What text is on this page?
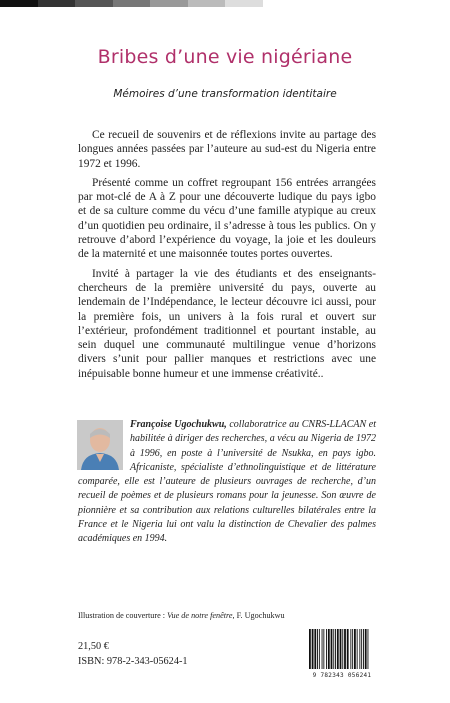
Bribes d’une vie nigériane
Mémoires d’une transformation identitaire

Ce recueil de souvenirs et de réflexions invite au partage des longues années passées par l’auteure au sud-est du Nigeria entre 1972 et 1996.

Présenté comme un coffret regroupant 156 entrées arrangées par mot-clé de A à Z pour une découverte ludique du pays igbo et de sa culture comme du vécu d’une famille atypique au creux d’un quotidien peu ordinaire, il s’adresse à tous les publics. On y retrouve d’abord l’expérience du voyage, la joie et les douleurs de la maternité et une maisonnée toutes portes ouvertes.

Invité à partager la vie des étudiants et des enseignants-chercheurs de la première université du pays, ouverte au lendemain de l’Indépendance, le lecteur découvre ici aussi, pour la première fois, un univers à la fois rural et ouvert sur l’extérieur, profondément traditionnel et pourtant instable, au sein duquel une communauté multilingue venue d’horizons divers s’unit pour pallier manques et restrictions avec une inépuisable bonne humeur et une immense créativité..

Françoise Ugochukwu, collaboratrice au CNRS-LLACAN et habilitée à diriger des recherches, a vécu au Nigeria de 1972 à 1996, en poste à l’université de Nsukka, en pays igbo. Africaniste, spécialiste d’ethnolinguistique et de littérature comparée, elle est l’auteure de plusieurs ouvrages de recherche, d’un recueil de poèmes et de plusieurs romans pour la jeunesse. Son œuvre de pionnière et sa contribution aux relations culturelles bilatérales entre la France et le Nigeria lui ont valu la distinction de Chevalier des palmes académiques en 1994.

Illustration de couverture : Vue de notre fenêtre, F. Ugochukwu
21,50 €
ISBN: 978-2-343-05624-1
9 782343 056241
